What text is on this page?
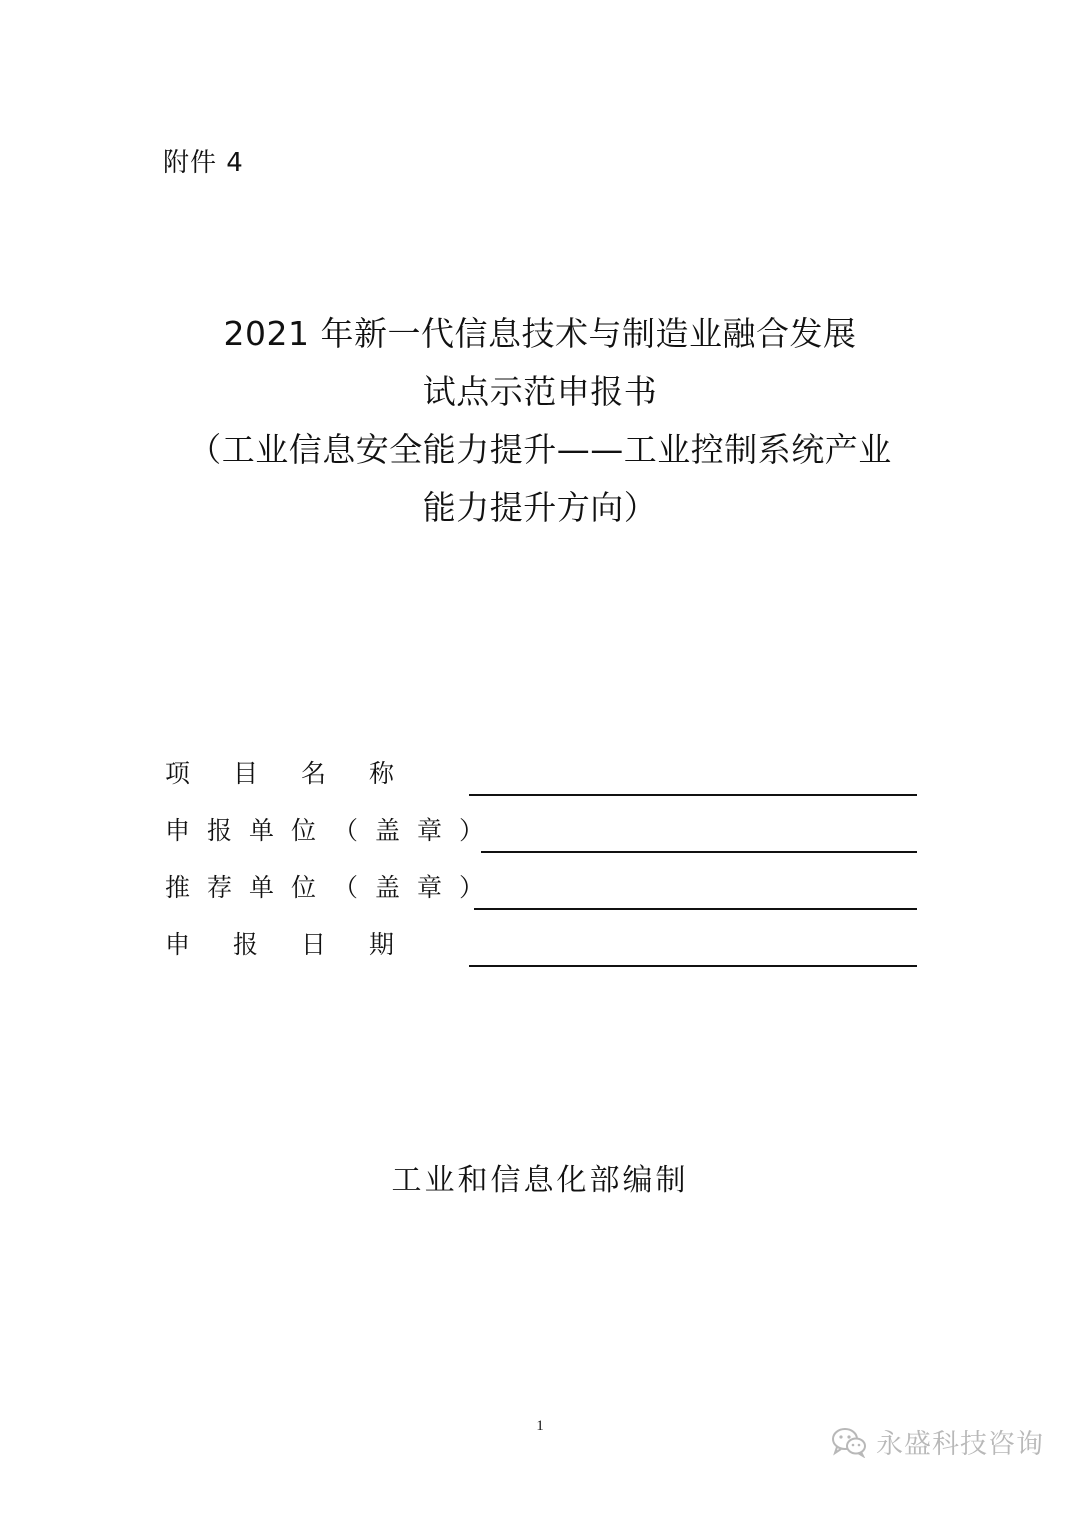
附件 4
2021 年新一代信息技术与制造业融合发展
试点示范申报书
（工业信息安全能力提升——工业控制系统产业
能力提升方向）
项目名称
申报单位（盖章）
推荐单位（盖章）
申报日期
工业和信息化部编制
1
永盛科技咨询
